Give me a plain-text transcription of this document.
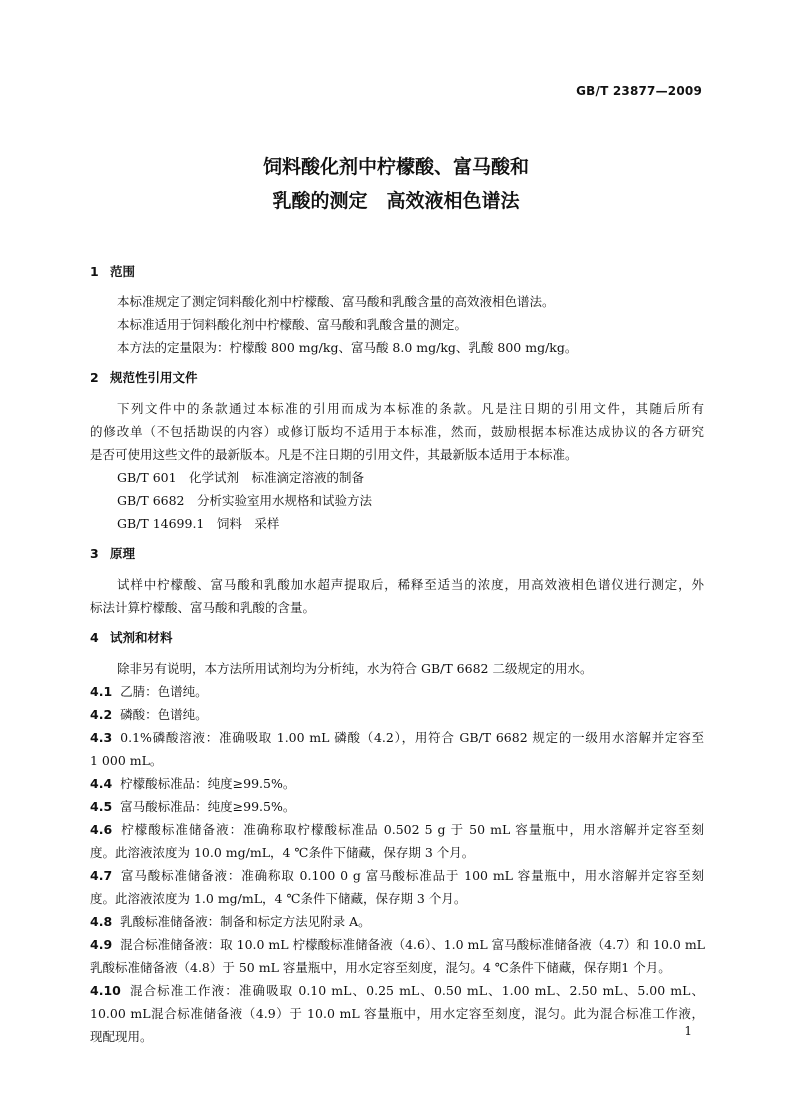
GB/T 23877—2009
饲料酸化剂中柠檬酸、富马酸和
乳酸的测定　高效液相色谱法
1 范围
本标准规定了测定饲料酸化剂中柠檬酸、富马酸和乳酸含量的高效液相色谱法。
本标准适用于饲料酸化剂中柠檬酸、富马酸和乳酸含量的测定。
本方法的定量限为：柠檬酸 800 mg/kg、富马酸 8.0 mg/kg、乳酸 800 mg/kg。
2 规范性引用文件
下列文件中的条款通过本标准的引用而成为本标准的条款。凡是注日期的引用文件，其随后所有
的修改单（不包括勘误的内容）或修订版均不适用于本标准，然而，鼓励根据本标准达成协议的各方研究
是否可使用这些文件的最新版本。凡是不注日期的引用文件，其最新版本适用于本标准。
GB/T 601　化学试剂　标准滴定溶液的制备
GB/T 6682　分析实验室用水规格和试验方法
GB/T 14699.1　饲料　采样
3 原理
试样中柠檬酸、富马酸和乳酸加水超声提取后，稀释至适当的浓度，用高效液相色谱仪进行测定，外
标法计算柠檬酸、富马酸和乳酸的含量。
4 试剂和材料
除非另有说明，本方法所用试剂均为分析纯，水为符合 GB/T 6682 二级规定的用水。
4.1 乙腈：色谱纯。
4.2 磷酸：色谱纯。
4.3 0.1%磷酸溶液：准确吸取 1.00 mL 磷酸（4.2），用符合 GB/T 6682 规定的一级用水溶解并定容至
1 000 mL。
4.4 柠檬酸标准品：纯度≥99.5%。
4.5 富马酸标准品：纯度≥99.5%。
4.6 柠檬酸标准储备液：准确称取柠檬酸标准品 0.502 5 g 于 50 mL 容量瓶中，用水溶解并定容至刻
度。此溶液浓度为 10.0 mg/mL，4 ℃条件下储藏，保存期 3 个月。
4.7 富马酸标准储备液：准确称取 0.100 0 g 富马酸标准品于 100 mL 容量瓶中，用水溶解并定容至刻
度。此溶液浓度为 1.0 mg/mL，4 ℃条件下储藏，保存期 3 个月。
4.8 乳酸标准储备液：制备和标定方法见附录 A。
4.9 混合标准储备液：取 10.0 mL 柠檬酸标准储备液（4.6）、1.0 mL 富马酸标准储备液（4.7）和 10.0 mL
乳酸标准储备液（4.8）于 50 mL 容量瓶中，用水定容至刻度，混匀。4 ℃条件下储藏，保存期1 个月。
4.10 混合标准工作液：准确吸取 0.10 mL、0.25 mL、0.50 mL、1.00 mL、2.50 mL、5.00 mL、
10.00 mL混合标准储备液（4.9）于 10.0 mL 容量瓶中，用水定容至刻度，混匀。此为混合标准工作液，
现配现用。	1
